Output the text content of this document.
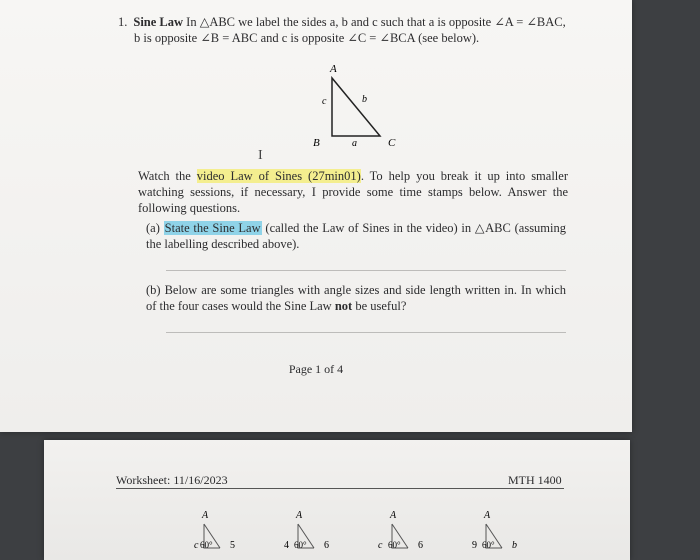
1. Sine Law In △ABC we label the sides a, b and c such that a is opposite ∠A = ∠BAC,
b is opposite ∠B = ABC and c is opposite ∠C = ∠BCA (see below).
A
B	C
a
b
c
I
Watch the video Law of Sines (27min01). To help you break it up into smaller watching sessions, if necessary, I provide some time stamps below. Answer the following questions.
(a) State the Sine Law (called the Law of Sines in the video) in △ABC (assuming the labelling described above).
(b) Below are some triangles with angle sizes and side length written in. In which of the four cases would the Sine Law not be useful?
Page 1 of 4
Worksheet: 11/16/2023	MTH 1400
A
c 60° 5
A
4 60° 6
A
c 60° 6
A
9 60° b
